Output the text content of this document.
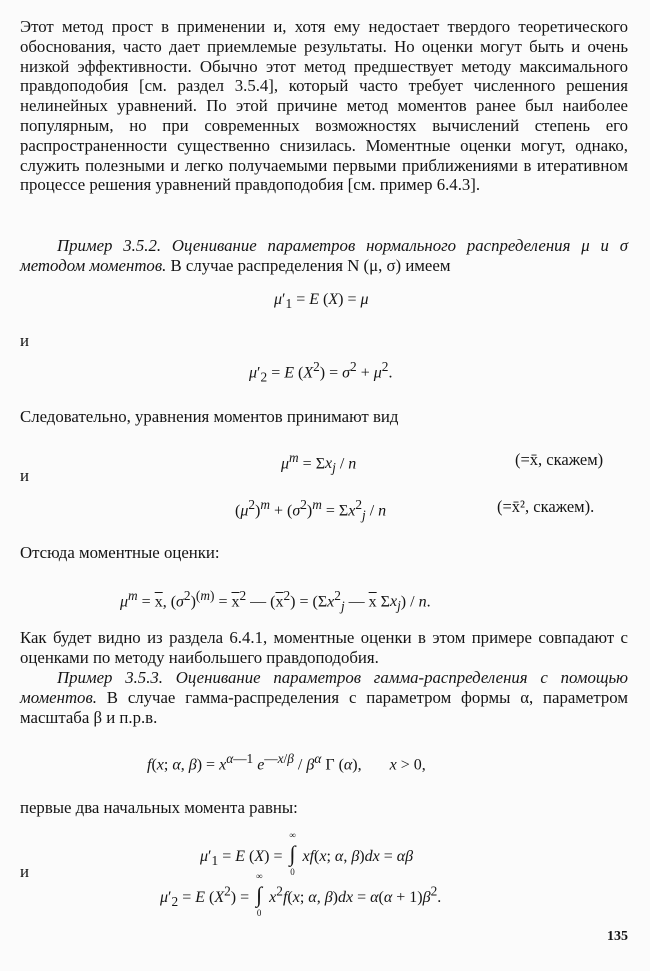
Этот метод прост в применении и, хотя ему недостает твердого теоретического обоснования, часто дает приемлемые результаты. Но оценки могут быть и очень низкой эффективности. Обычно этот метод предшествует методу максимального правдоподобия [см. раздел 3.5.4], который часто требует численного решения нелинейных уравнений. По этой причине метод моментов ранее был наиболее популярным, но при современных возможностях вычислений степень его распространенности существенно снизилась. Моментные оценки могут, однако, служить полезными и легко получаемыми первыми приближениями в итеративном процессе решения уравнений правдоподобия [см. пример 6.4.3].

Пример 3.5.2. Оценивание параметров нормального распределения μ и σ методом моментов. В случае распределения N (μ, σ) имеем

$\mu'_1 = E$ (X) = μ
и
$\mu'_2 = E$ $(X^2) = \sigma^2 + \mu^2$.

Следовательно, уравнения моментов принимают вид

$\mu^m = \Sigma x_j / n$	(=x̄, скажем)
и
$(\mu^2)^m + (\sigma^2)^m = \Sigma x^2_j / n$	(=x̄², скажем).

Отсюда моментные оценки:

$\mu^m = \overline{x}$, $(\sigma^2)^{(m)} = \overline{x}^2$ — $(\overline{x}^2) = (\Sigma x^2_j$ — $\overline{x}$ $\Sigma x_j$) / n.

Как будет видно из раздела 6.4.1, моментные оценки в этом примере совпадают с оценками по методу наибольшего правдоподобия.

Пример 3.5.3. Оценивание параметров гамма-распределения с помощью моментов. В случае гамма-распределения с параметром формы α, параметром масштаба β и п.р.в.

f(x; α, $\beta) = x^{\alpha—1}$ $e^{—x/\beta} / \beta^\alpha$ Γ (α),       x > 0,

первые два начальных момента равны:

$\mu'_1 = E$ (X) = ∫
∞
0
xf(x; α, β)dx = αβ
и
$\mu'_2 = E$ $(X^2)$ = ∫
∞
0
$x^2f(x$; α, $\beta)dx = \alpha(\alpha + 1)\beta^2$.
135
